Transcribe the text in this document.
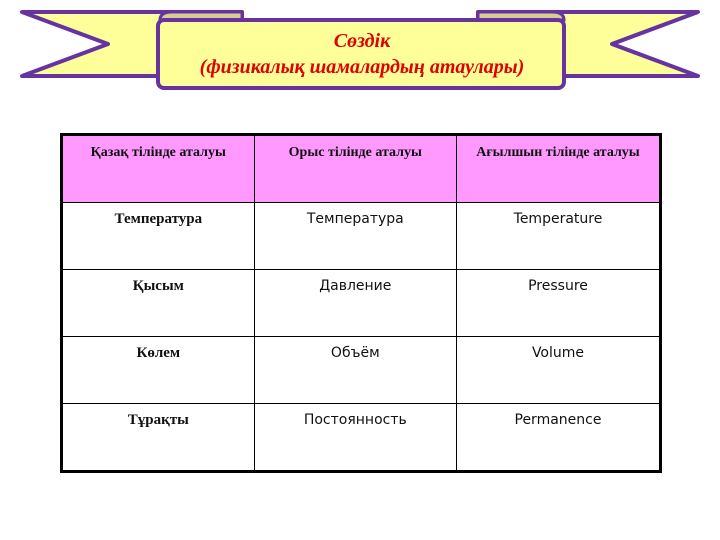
Сөздік
(физикалық шамалардың атаулары)
Қазақ тілінде аталуы	Орыс тілінде аталуы	Ағылшын тілінде аталуы
Температура	Температура	Temperature
Қысым	Давление	Pressure
Көлем	Объём	Volume
Тұрақты	Постоянность	Permanence
